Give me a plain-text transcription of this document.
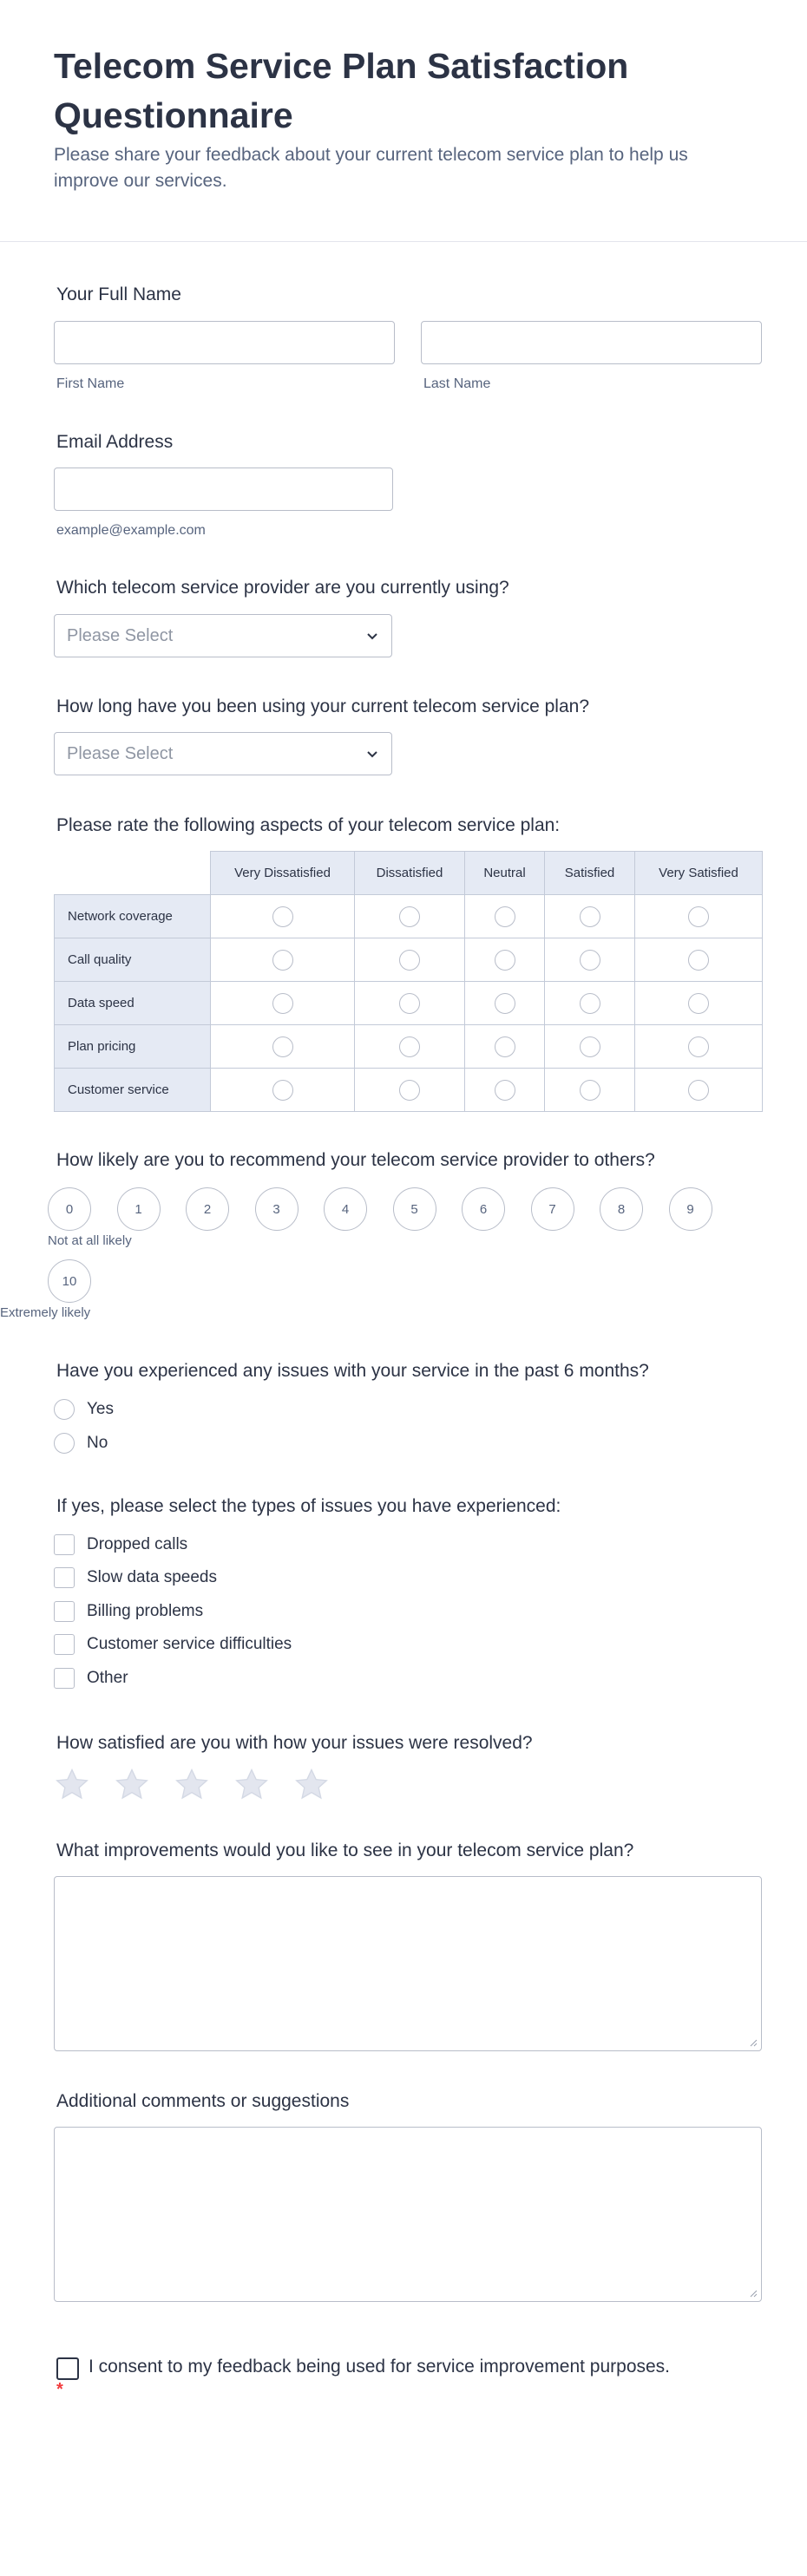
Telecom Service Plan Satisfaction Questionnaire

Please share your feedback about your current telecom service plan to help us improve our services.

Your Full Name
First Name	Last Name
Email Address
example@example.com
Which telecom service provider are you currently using?
Please Select
How long have you been using your current telecom service plan?
Please Select
Please rate the following aspects of your telecom service plan:
	Very Dissatisfied	Dissatisfied	Neutral	Satisfied	Very Satisfied
Network coverage					
Call quality					
Data speed					
Plan pricing					
Customer service					
How likely are you to recommend your telecom service provider to others?
0	1	2	3	4	5	6	7	8	9
10
Not at all likely
Extremely likely
Have you experienced any issues with your service in the past 6 months?
Yes
No
If yes, please select the types of issues you have experienced:
Dropped calls
Slow data speeds
Billing problems
Customer service difficulties
Other
How satisfied are you with how your issues were resolved?
What improvements would you like to see in your telecom service plan?
Additional comments or suggestions
I consent to my feedback being used for service improvement purposes.
*
